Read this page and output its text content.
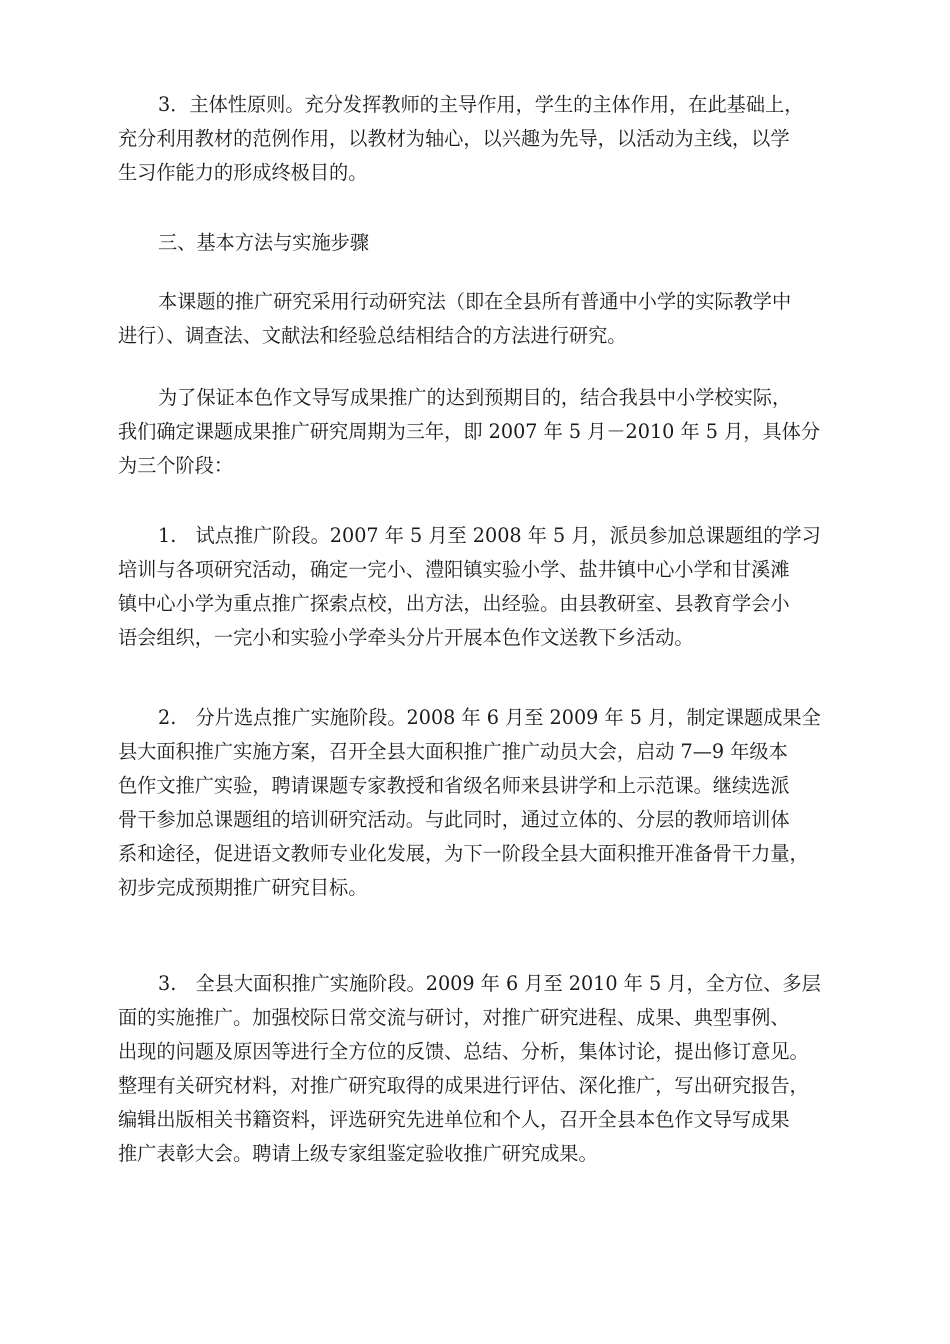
3．主体性原则。充分发挥教师的主导作用，学生的主体作用，在此基础上，
充分利用教材的范例作用，以教材为轴心，以兴趣为先导，以活动为主线，以学
生习作能力的形成终极目的。
三、基本方法与实施步骤
本课题的推广研究采用行动研究法（即在全县所有普通中小学的实际教学中
进行）、调查法、文献法和经验总结相结合的方法进行研究。
为了保证本色作文导写成果推广的达到预期目的，结合我县中小学校实际，
我们确定课题成果推广研究周期为三年，即 2007 年 5 月－2010 年 5 月，具体分
为三个阶段：
1.　试点推广阶段。2007 年 5 月至 2008 年 5 月，派员参加总课题组的学习
培训与各项研究活动，确定一完小、澧阳镇实验小学、盐井镇中心小学和甘溪滩
镇中心小学为重点推广探索点校，出方法，出经验。由县教研室、县教育学会小
语会组织，一完小和实验小学牵头分片开展本色作文送教下乡活动。
2.　分片选点推广实施阶段。2008 年 6 月至 2009 年 5 月，制定课题成果全
县大面积推广实施方案，召开全县大面积推广推广动员大会，启动 7—9 年级本
色作文推广实验，聘请课题专家教授和省级名师来县讲学和上示范课。继续选派
骨干参加总课题组的培训研究活动。与此同时，通过立体的、分层的教师培训体
系和途径，促进语文教师专业化发展，为下一阶段全县大面积推开准备骨干力量，
初步完成预期推广研究目标。
3.　全县大面积推广实施阶段。2009 年 6 月至 2010 年 5 月，全方位、多层
面的实施推广。加强校际日常交流与研讨，对推广研究进程、成果、典型事例、
出现的问题及原因等进行全方位的反馈、总结、分析，集体讨论，提出修订意见。
整理有关研究材料，对推广研究取得的成果进行评估、深化推广，写出研究报告，
编辑出版相关书籍资料，评选研究先进单位和个人，召开全县本色作文导写成果
推广表彰大会。聘请上级专家组鉴定验收推广研究成果。
